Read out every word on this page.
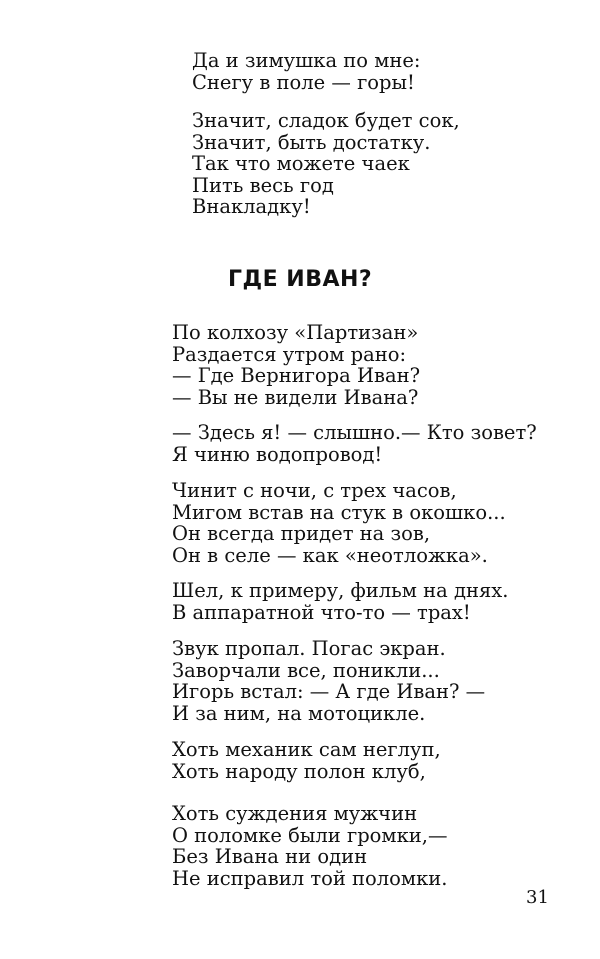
Да и зимушка по мне:
Снегу в поле — горы!
Значит, сладок будет сок,
Значит, быть достатку.
Так что можете чаек
Пить весь год
Внакладку!
ГДЕ ИВАН?
По колхозу «Партизан»
Раздается утром рано:
— Где Вернигора Иван?
— Вы не видели Ивана?
— Здесь я! — слышно.— Кто зовет?
Я чиню водопровод!
Чинит с ночи, с трех часов,
Мигом встав на стук в окошко...
Он всегда придет на зов,
Он в селе — как «неотложка».
Шел, к примеру, фильм на днях.
В аппаратной что-то — трах!
Звук пропал. Погас экран.
Заворчали все, поникли...
Игорь встал: — А где Иван? —
И за ним, на мотоцикле.
Хоть механик сам неглуп,
Хоть народу полон клуб,
Хоть суждения мужчин
О поломке были громки,—
Без Ивана ни один
Не исправил той поломки.
31
